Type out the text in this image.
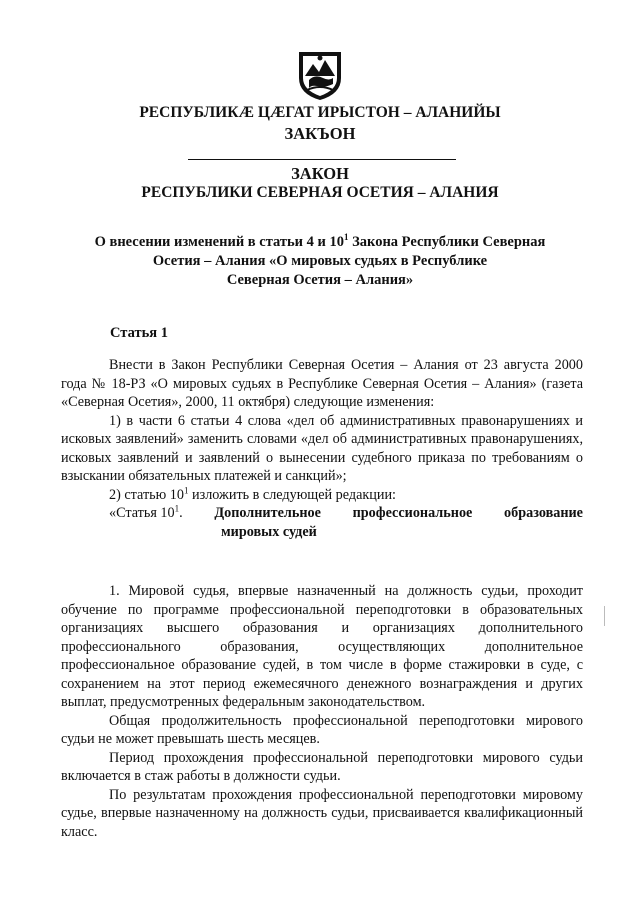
РЕСПУБЛИКӔ ЦӔГАТ ИРЫСТОН – АЛАНИЙЫ
ЗАКЪОН
ЗАКОН
РЕСПУБЛИКИ СЕВЕРНАЯ ОСЕТИЯ – АЛАНИЯ
О внесении изменений в статьи 4 и $10^1$ Закона Республики Северная
Осетия – Алания «О мировых судьях в Республике
Северная Осетия – Алания»
Статья 1

Внести в Закон Республики Северная Осетия – Алания от 23 августа 2000 года № 18-РЗ «О мировых судьях в Республике Северная Осетия – Алания» (газета «Северная Осетия», 2000, 11 октября) следующие изменения:

1) в части 6 статьи 4 слова «дел об административных правонарушениях и исковых заявлений» заменить словами «дел об административных правонарушениях, исковых заявлений и заявлений о вынесении судебного приказа по требованиям о взыскании обязательных платежей и санкций»;

2) статью $10^1$ изложить в следующей редакции:

«Статья $10^1$. Дополнительное профессиональное образование
мировых судей

1. Мировой судья, впервые назначенный на должность судьи, проходит обучение по программе профессиональной переподготовки в образовательных организациях высшего образования и организациях дополнительного профессионального образования, осуществляющих дополнительное профессиональное образование судей, в том числе в форме стажировки в суде, с сохранением на этот период ежемесячного денежного вознаграждения и других выплат, предусмотренных федеральным законодательством.

Общая продолжительность профессиональной переподготовки мирового судьи не может превышать шесть месяцев.

Период прохождения профессиональной переподготовки мирового судьи включается в стаж работы в должности судьи.

По результатам прохождения профессиональной переподготовки мировому судье, впервые назначенному на должность судьи, присваивается квалификационный класс.
